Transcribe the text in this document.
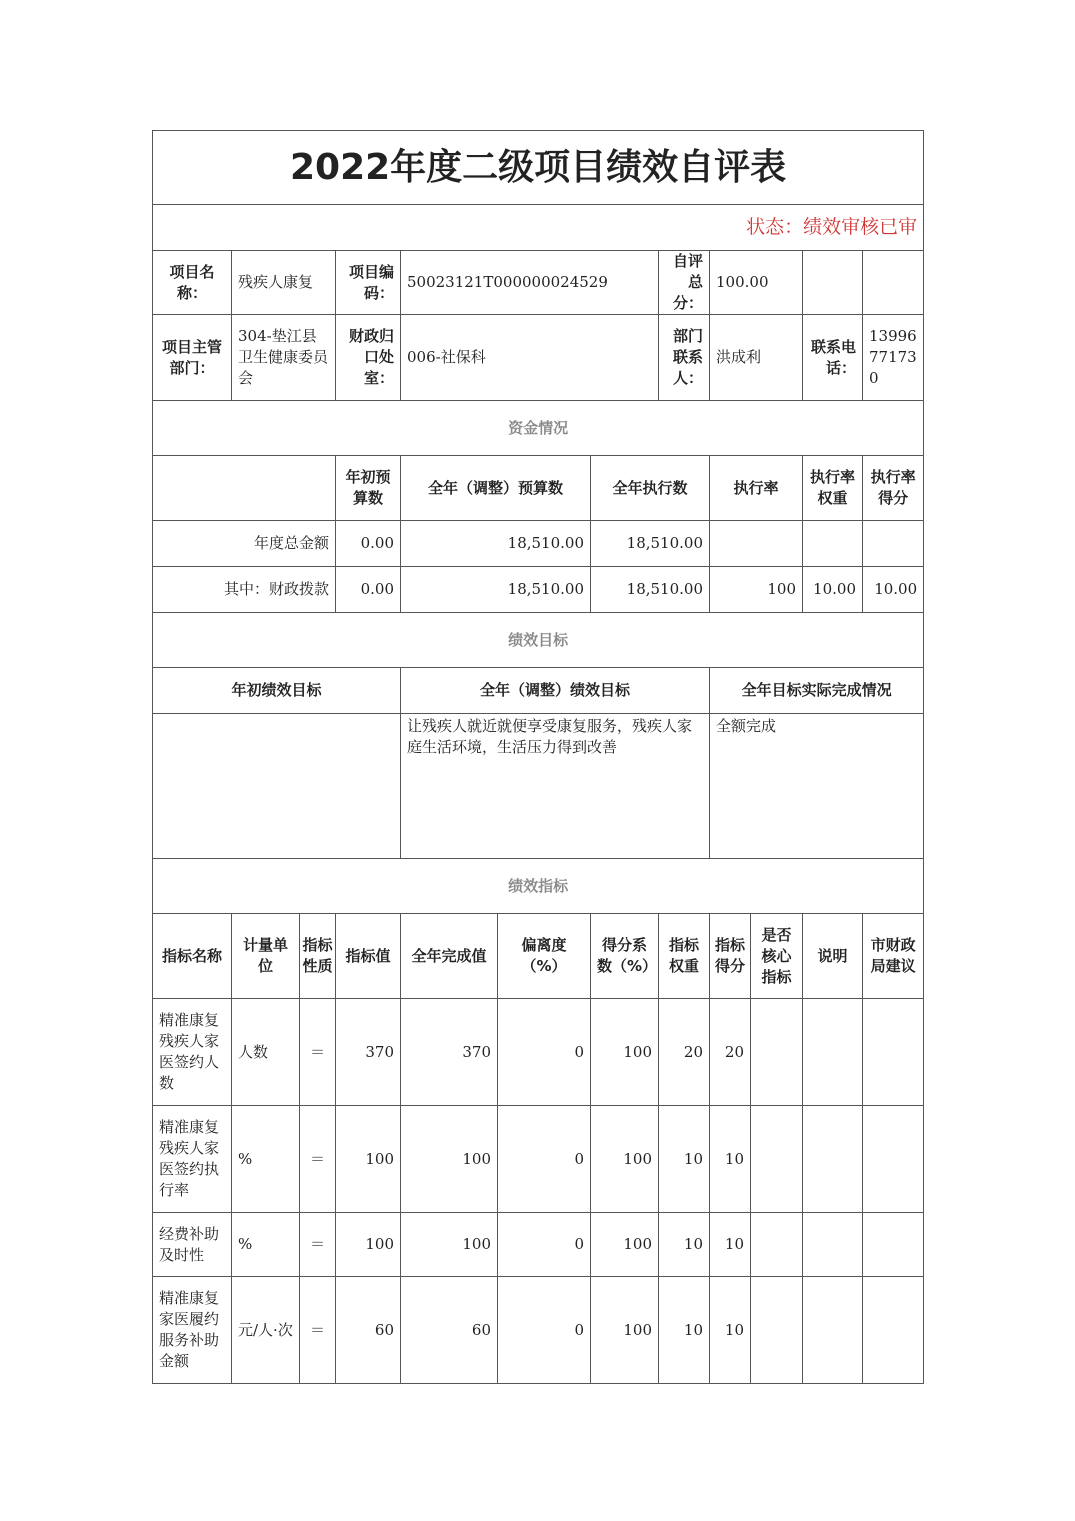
2022年度二级项目绩效自评表											
状态：绩效审核已审											
项目名称：	残疾人康复		项目编码：	50023121T000000024529			自评总分：	100.00			
项目主管部门：	304-垫江县卫生健康委员会		财政归口处室：	006-社保科			部门联系人：	洪成利		联系电话：	13996771730
资金情况											
			年初预算数	全年（调整）预算数		全年执行数		执行率		执行率权重	执行率得分
年度总金额			0.00	18,510.00		18,510.00					
其中：财政拨款			0.00	18,510.00		18,510.00		100		10.00	10.00
绩效目标											
年初绩效目标				全年（调整）绩效目标				全年目标实际完成情况			
				让残疾人就近就便享受康复服务，残疾人家庭生活环境，生活压力得到改善				全额完成			
绩效指标											
指标名称	计量单位	指标性质	指标值	全年完成值	偏离度（%）	得分系数（%）	指标权重	指标得分	是否核心指标	说明	市财政局建议
精准康复残疾人家医签约人数	人数	＝	370	370	0	100	20	20			
精准康复残疾人家医签约执行率	%	＝	100	100	0	100	10	10			
经费补助及时性	%	＝	100	100	0	100	10	10			
精准康复家医履约服务补助金额	元/人·次	＝	60	60	0	100	10	10			
